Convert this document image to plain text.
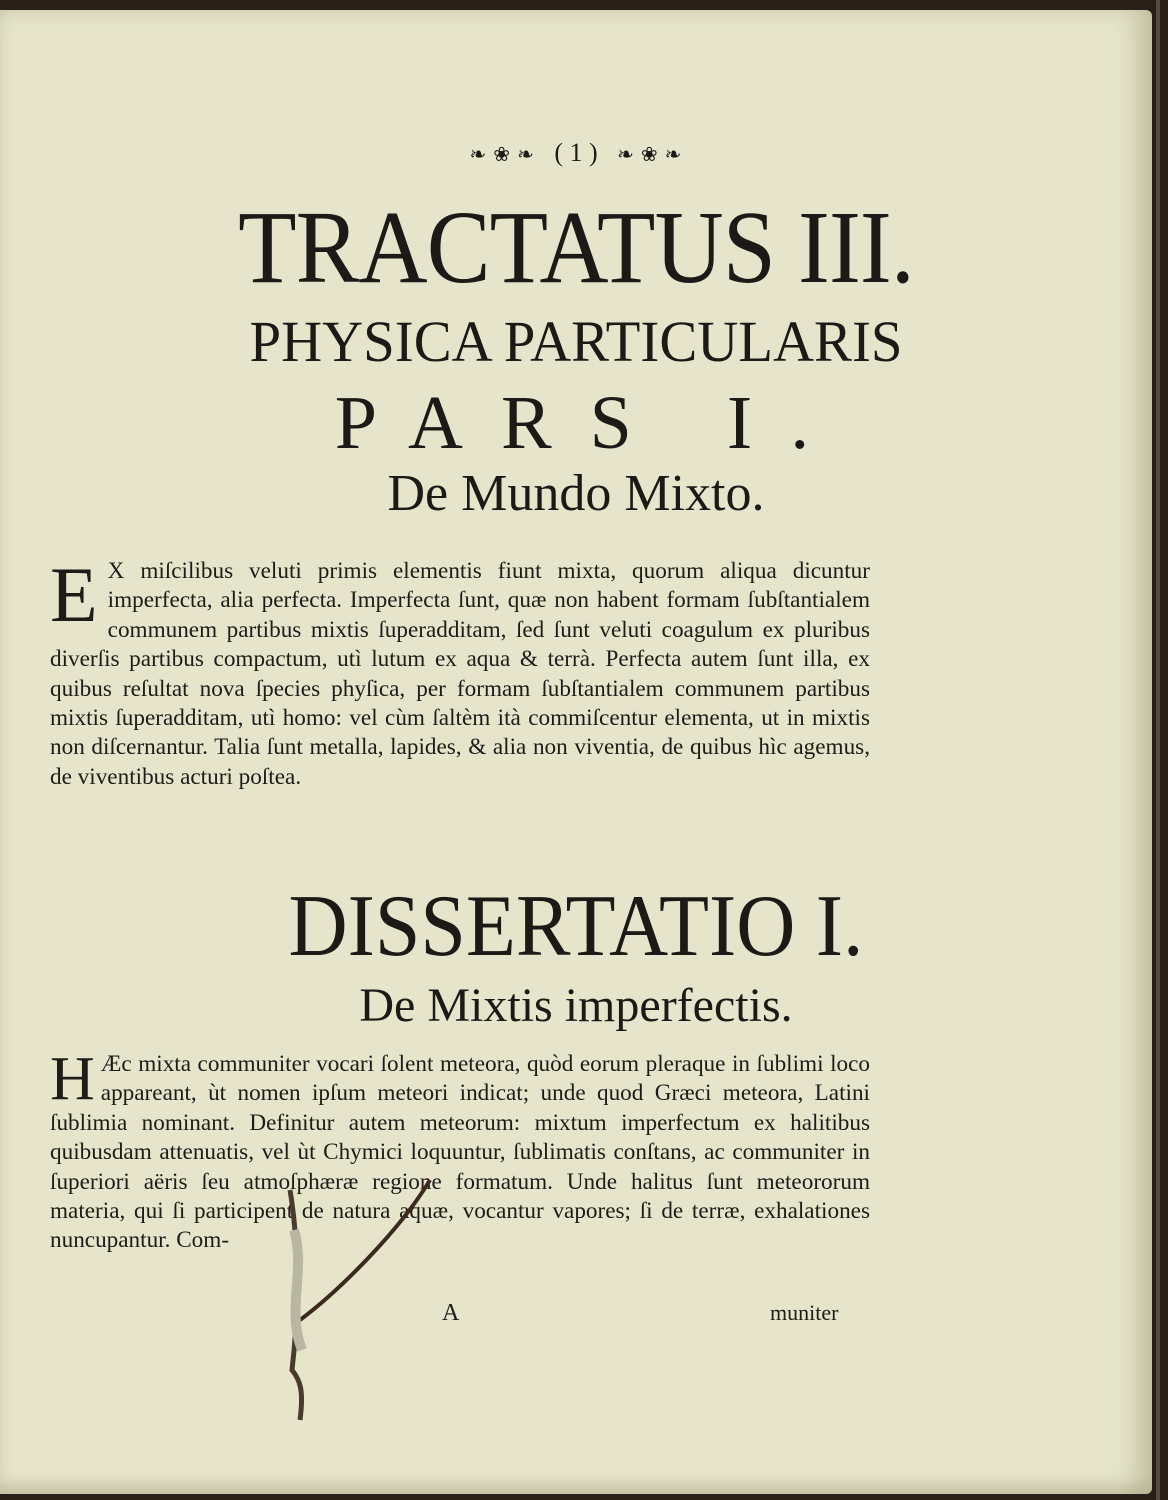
❧ ❀ ❧ ( 1 ) ❧ ❀ ❧
TRACTATUS III.
PHYSICA PARTICULARIS
PARS I.
De Mundo Mixto.
E X miſcilibus veluti primis elementis fiunt mixta, quorum aliqua dicuntur imperfecta, alia perfecta. Imperfecta ſunt, quæ non habent formam ſubſtantialem communem partibus mixtis ſuperadditam, ſed ſunt veluti coagulum ex pluribus diverſis partibus compactum, utì lutum ex aqua & terrà. Perfecta autem ſunt illa, ex quibus reſultat nova ſpecies phyſica, per formam ſubſtantialem communem partibus mixtis ſuperadditam, utì homo: vel cùm ſaltèm ità commiſcentur elementa, ut in mixtis non diſcernantur. Talia ſunt metalla, lapides, & alia non viventia, de quibus hìc agemus, de viventibus acturi poſtea.
DISSERTATIO I.
De Mixtis imperfectis.
H Æc mixta communiter vocari ſolent meteora, quòd eorum pleraque in ſublimi loco appareant, ùt nomen ipſum meteori indicat; unde quod Græci meteora, Latini ſublimia nominant. Definitur autem meteorum: mixtum imperfectum ex halitibus quibusdam attenuatis, vel ùt Chymici loquuntur, ſublimatis conſtans, ac communiter in ſuperiori aëris ſeu atmoſphæræ regione formatum. Unde halitus ſunt meteororum materia, qui ſi participent de natura aquæ, vocantur vapores; ſi de terræ, exhalationes nuncupantur. Com-
A	muniter
